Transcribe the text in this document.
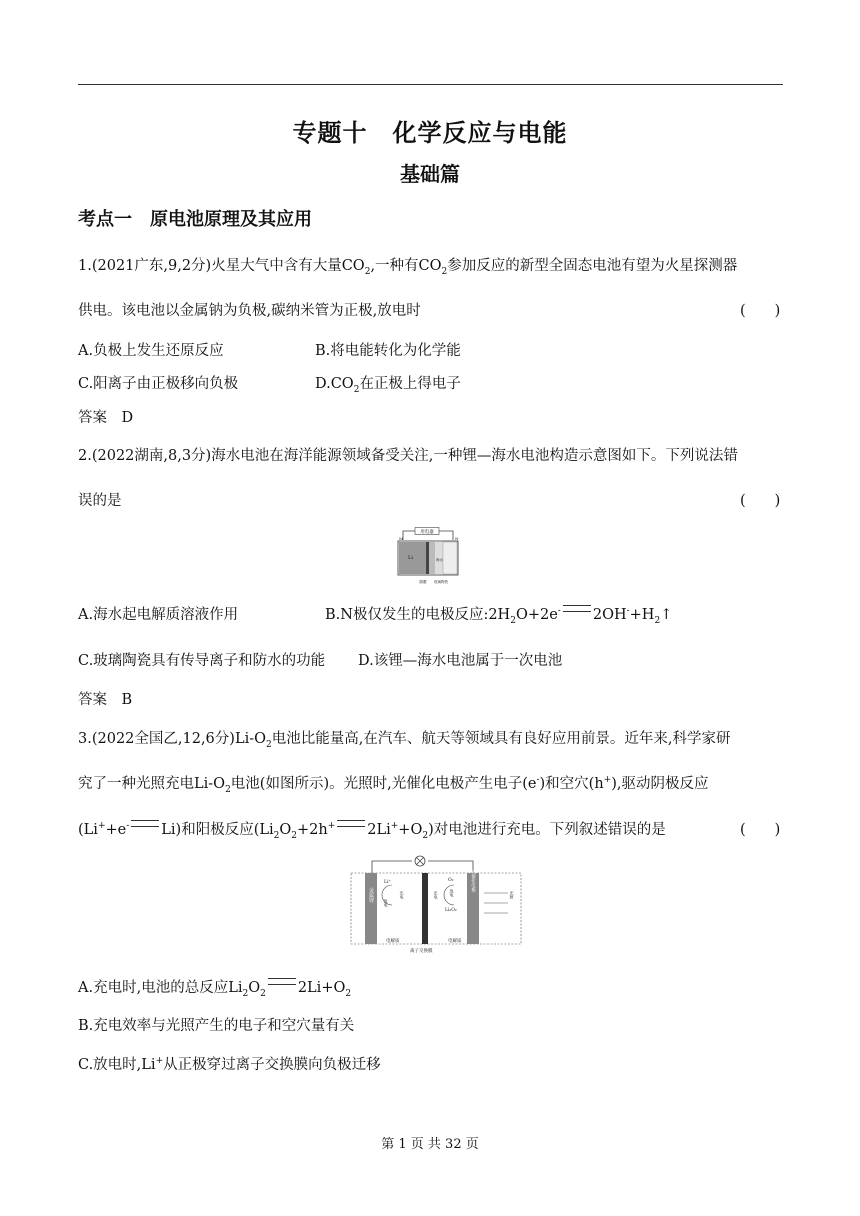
专题十　化学反应与电能
基础篇
考点一　原电池原理及其应用
1.(2021广东,9,2分)火星大气中含有大量$CO_2$,一种有$CO_2$参加反应的新型全固态电池有望为火星探测器
供电。该电池以金属钠为负极,碳纳米管为正极,放电时	(　　)
A.负极上发生还原反应	B.将电能转化为化学能
C.阳离子由正极移向负极	$D.CO_2$在正极上得电子
答案　D
2.(2022湖南,8,3分)海水电池在海洋能源领域备受关注,一种锂—海水电池构造示意图如下。下列说法错
误的是	(　　)
用电器
M	N
Li	海水
隔膜 玻璃陶瓷
A.海水起电解质溶液作用	B.N极仅发生的电极反应$:2H_2O+2e^-$ $2OH^-+H_2↑$
C.玻璃陶瓷具有传导离子和防水的功能 D.该锂—海水电池属于一次电池
答案　B
3.(2022全国乙,12,6分)$Li-O_2$电池比能量高,在汽车、航天等领域具有良好应用前景。近年来,科学家研
究了一种光照充电$Li-O_2$电池(如图所示)。光照时,光催化电极产生电子(e-)和空穴(h+),驱动阴极反应
(Li++e- Li)和阳极反应($Li_2O_2+2h^+$ $2Li^++O_2$)对电池进行充电。下列叙述错误的是	(　　)
金属锂
Li⁺
放电
光电
O₂
光电	放电
Li₂O₂
光催化电极
光照
电解质	电解质
离子交换膜
A.充电时,电池的总反应$Li_2O_2$ $2Li+O_2$
B.充电效率与光照产生的电子和空穴量有关
C.放电时,Li+从正极穿过离子交换膜向负极迁移
第 1 页 共 32 页
